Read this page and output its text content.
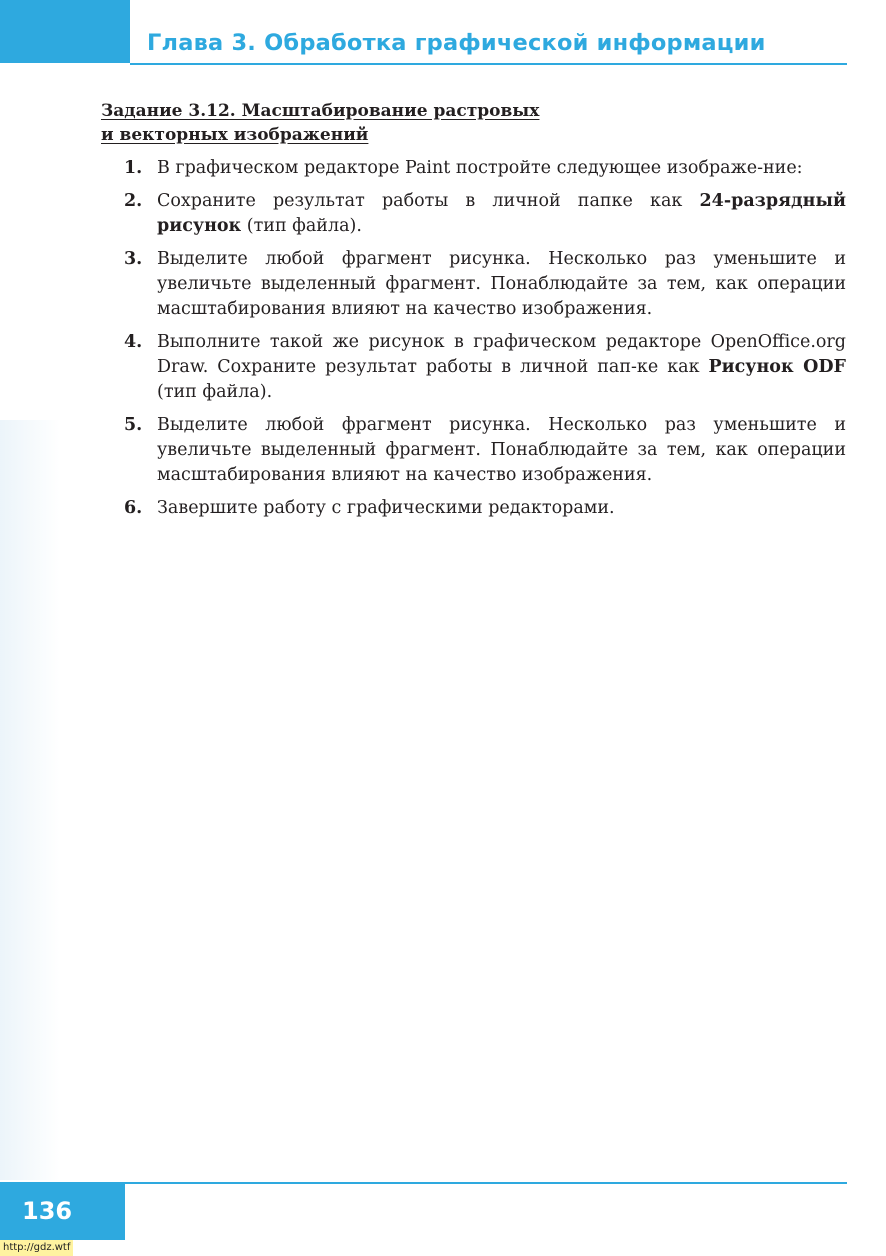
Глава 3. Обработка графической информации
Задание 3.12. Масштабирование растровых
и векторных изображений
1. В графическом редакторе Paint постройте следующее изображе-ние:
2. Сохраните результат работы в личной папке как 24-разрядный рисунок (тип файла).
3. Выделите любой фрагмент рисунка. Несколько раз уменьшите и увеличьте выделенный фрагмент. Понаблюдайте за тем, как операции масштабирования влияют на качество изображения.
4. Выполните такой же рисунок в графическом редакторе OpenOffice.org Draw. Сохраните результат работы в личной пап-ке как Рисунок ODF (тип файла).
5. Выделите любой фрагмент рисунка. Несколько раз уменьшите и увеличьте выделенный фрагмент. Понаблюдайте за тем, как операции масштабирования влияют на качество изображения.
6. Завершите работу с графическими редакторами.
136
http://gdz.wtf
